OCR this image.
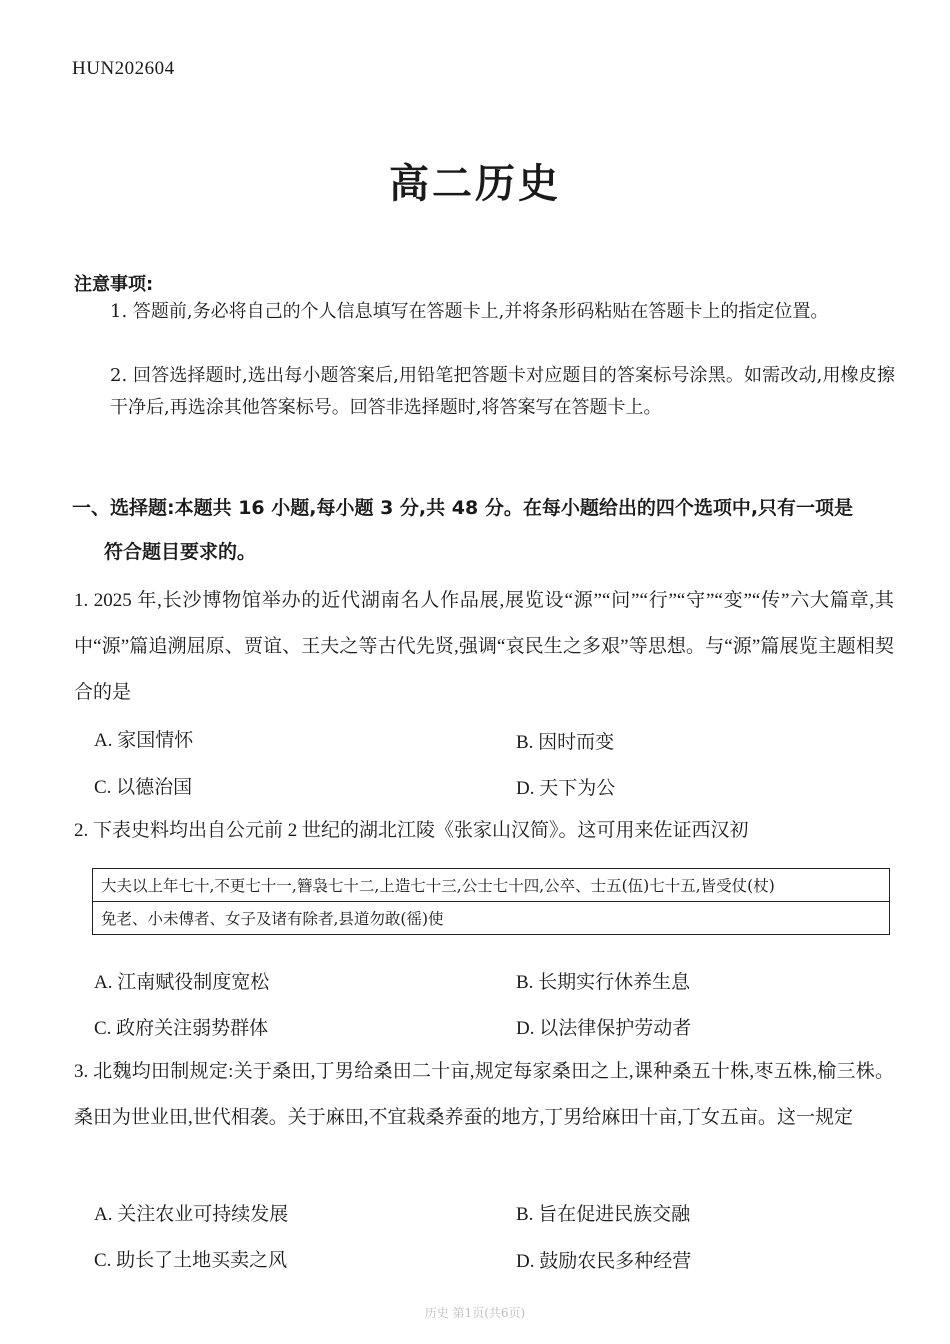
HUN202604
高二历史
注意事项:
1. 答题前,务必将自己的个人信息填写在答题卡上,并将条形码粘贴在答题卡上的指定位置。
2. 回答选择题时,选出每小题答案后,用铅笔把答题卡对应题目的答案标号涂黑。如需改动,用橡皮擦干净后,再选涂其他答案标号。回答非选择题时,将答案写在答题卡上。
一、选择题:本题共 16 小题,每小题 3 分,共 48 分。在每小题给出的四个选项中,只有一项是
符合题目要求的。
1. 2025 年,长沙博物馆举办的近代湖南名人作品展,展览设“源”“问”“行”“守”“变”“传”六大篇章,其中“源”篇追溯屈原、贾谊、王夫之等古代先贤,强调“哀民生之多艰”等思想。与“源”篇展览主题相契合的是
A. 家国情怀	B. 因时而变
C. 以德治国	D. 天下为公
2. 下表史料均出自公元前 2 世纪的湖北江陵《张家山汉简》。这可用来佐证西汉初
大夫以上年七十,不更七十一,簪袅七十二,上造七十三,公士七十四,公卒、士五(伍)七十五,皆受仗(杖)
免老、小未傅者、女子及诸有除者,县道勿敢(徭)使
A. 江南赋役制度宽松	B. 长期实行休养生息
C. 政府关注弱势群体	D. 以法律保护劳动者
3. 北魏均田制规定:关于桑田,丁男给桑田二十亩,规定每家桑田之上,课种桑五十株,枣五株,榆三株。桑田为世业田,世代相袭。关于麻田,不宜栽桑养蚕的地方,丁男给麻田十亩,丁女五亩。这一规定
A. 关注农业可持续发展	B. 旨在促进民族交融
C. 助长了土地买卖之风	D. 鼓励农民多种经营
历史 第1页(共6页)
